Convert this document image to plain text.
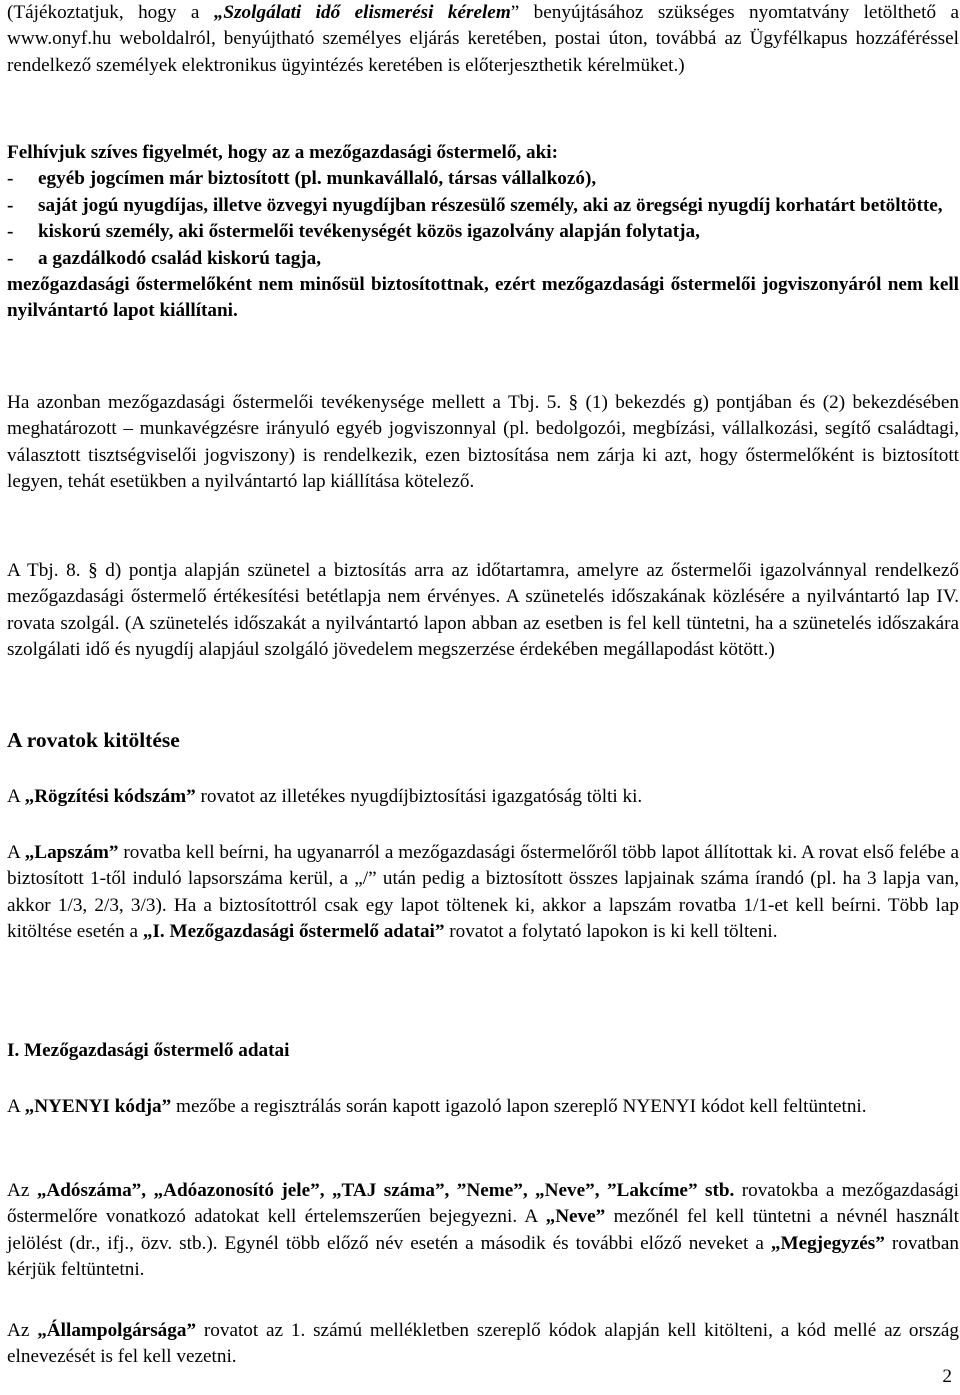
(Tájékoztatjuk, hogy a „Szolgálati idő elismerési kérelem” benyújtásához szükséges nyomtatvány letölthető a www.onyf.hu weboldalról, benyújtható személyes eljárás keretében, postai úton, továbbá az Ügyfélkapus hozzáféréssel rendelkező személyek elektronikus ügyintézés keretében is előterjeszthetik kérelmüket.)

Felhívjuk szíves figyelmét, hogy az a mezőgazdasági őstermelő, aki:
- egyéb jogcímen már biztosított (pl. munkavállaló, társas vállalkozó),
- saját jogú nyugdíjas, illetve özvegyi nyugdíjban részesülő személy, aki az öregségi nyugdíj korhatárt betöltötte,
- kiskorú személy, aki őstermelői tevékenységét közös igazolvány alapján folytatja,
- a gazdálkodó család kiskorú tagja,
mezőgazdasági őstermelőként nem minősül biztosítottnak, ezért mezőgazdasági őstermelői jogviszonyáról nem kell nyilvántartó lapot kiállítani.

Ha azonban mezőgazdasági őstermelői tevékenysége mellett a Tbj. 5. § (1) bekezdés g) pontjában és (2) bekezdésében meghatározott – munkavégzésre irányuló egyéb jogviszonnyal (pl. bedolgozói, megbízási, vállalkozási, segítő családtagi, választott tisztségviselői jogviszony) is rendelkezik, ezen biztosítása nem zárja ki azt, hogy őstermelőként is biztosított legyen, tehát esetükben a nyilvántartó lap kiállítása kötelező.

A Tbj. 8. § d) pontja alapján szünetel a biztosítás arra az időtartamra, amelyre az őstermelői igazolvánnyal rendelkező mezőgazdasági őstermelő értékesítési betétlapja nem érvényes. A szünetelés időszakának közlésére a nyilvántartó lap IV. rovata szolgál. (A szünetelés időszakát a nyilvántartó lapon abban az esetben is fel kell tüntetni, ha a szünetelés időszakára szolgálati idő és nyugdíj alapjául szolgáló jövedelem megszerzése érdekében megállapodást kötött.)

A rovatok kitöltése

A „Rögzítési kódszám” rovatot az illetékes nyugdíjbiztosítási igazgatóság tölti ki.

A „Lapszám” rovatba kell beírni, ha ugyanarról a mezőgazdasági őstermelőről több lapot állítottak ki. A rovat első felébe a biztosított 1-től induló lapsorszáma kerül, a „/” után pedig a biztosított összes lapjainak száma írandó (pl. ha 3 lapja van, akkor 1/3, 2/3, 3/3). Ha a biztosítottról csak egy lapot töltenek ki, akkor a lapszám rovatba 1/1-et kell beírni. Több lap kitöltése esetén a „I. Mezőgazdasági őstermelő adatai” rovatot a folytató lapokon is ki kell tölteni.

I. Mezőgazdasági őstermelő adatai

A „NYENYI kódja” mezőbe a regisztrálás során kapott igazoló lapon szereplő NYENYI kódot kell feltüntetni.

Az „Adószáma”, „Adóazonosító jele”, „TAJ száma”, ”Neme”, „Neve”, ”Lakcíme” stb. rovatokba a mezőgazdasági őstermelőre vonatkozó adatokat kell értelemszerűen bejegyezni. A „Neve” mezőnél fel kell tüntetni a névnél használt jelölést (dr., ifj., özv. stb.). Egynél több előző név esetén a második és további előző neveket a „Megjegyzés” rovatban kérjük feltüntetni.

Az „Állampolgársága” rovatot az 1. számú mellékletben szereplő kódok alapján kell kitölteni, a kód mellé az ország elnevezését is fel kell vezetni.

2
